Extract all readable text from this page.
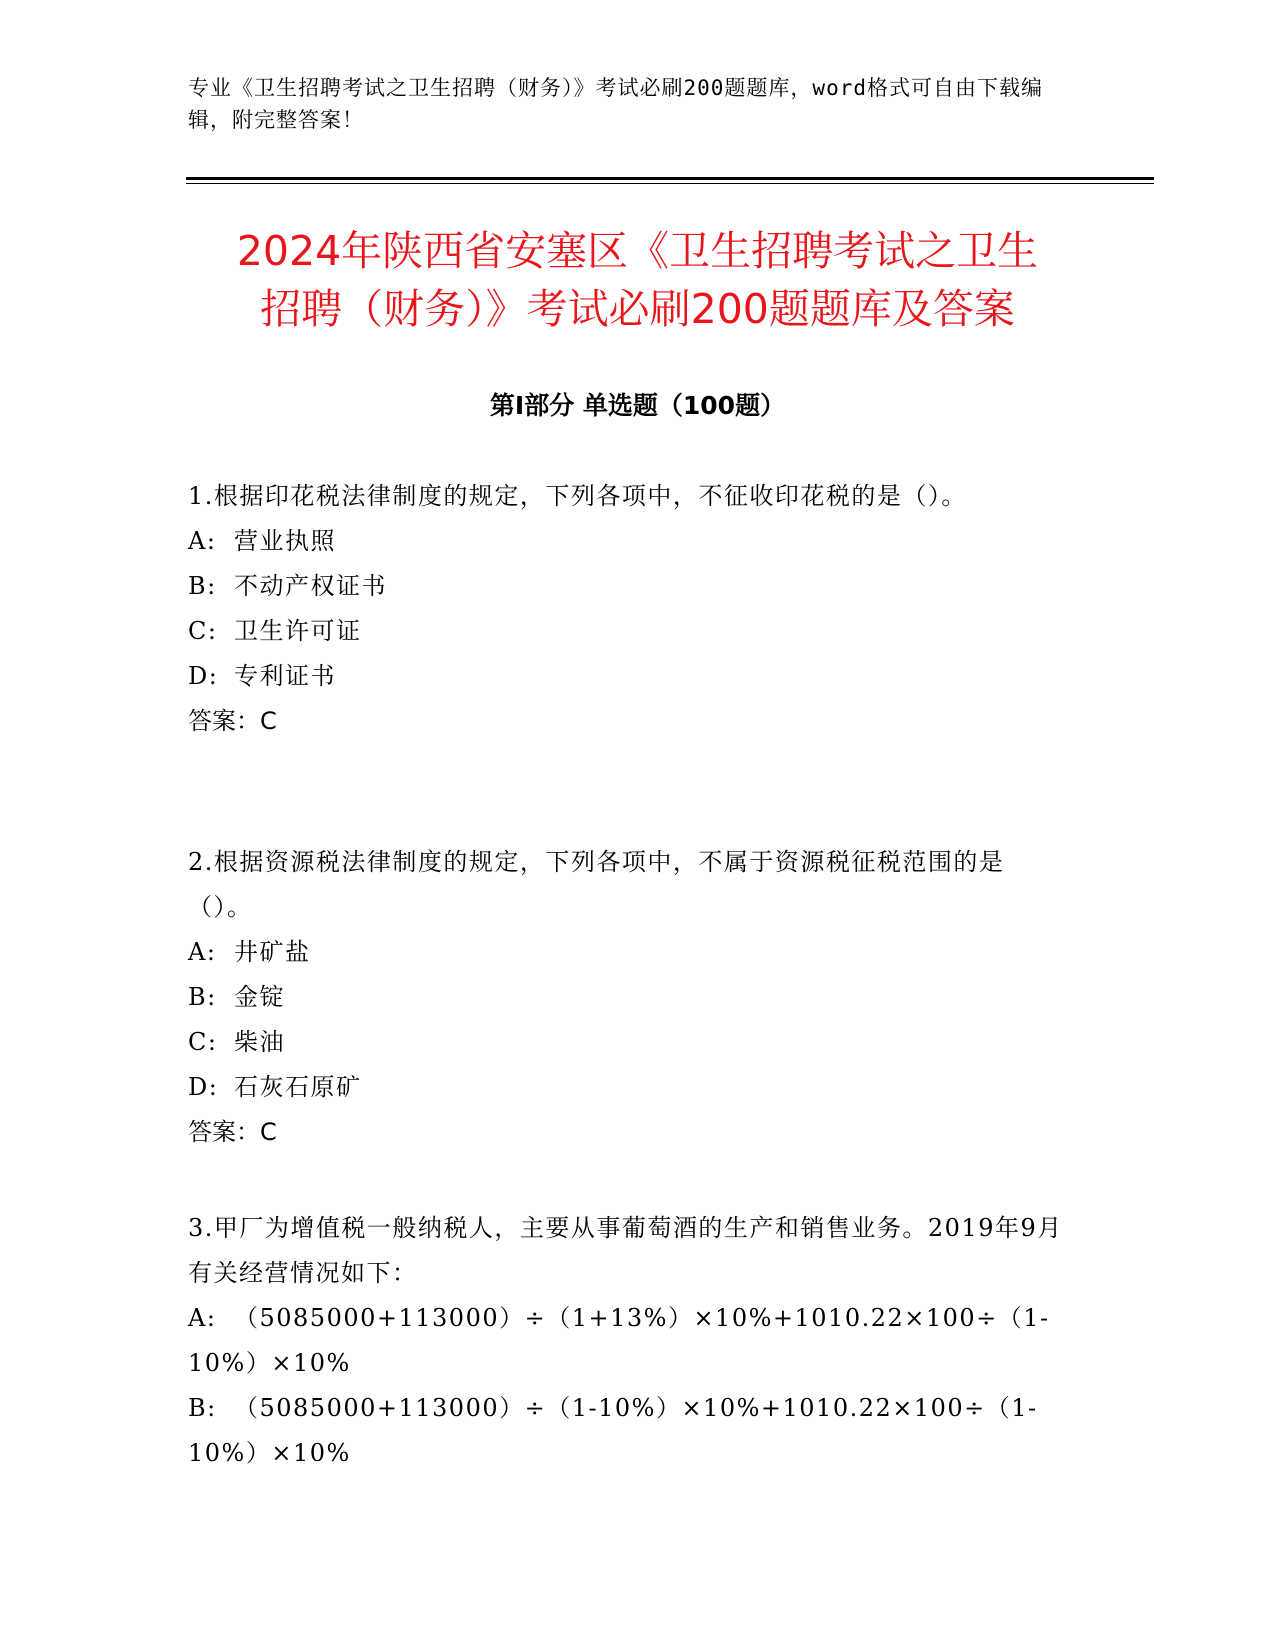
专业《卫生招聘考试之卫生招聘（财务）》考试必刷200题题库，word格式可自由下载编辑，附完整答案！
2024年陕西省安塞区《卫生招聘考试之卫生
招聘（财务）》考试必刷200题题库及答案
第I部分 单选题（100题）

1.根据印花税法律制度的规定，下列各项中，不征收印花税的是（）。

A: 营业执照

B: 不动产权证书

C: 卫生许可证

D: 专利证书

答案：C

2.根据资源税法律制度的规定，下列各项中，不属于资源税征税范围的是（）。

A: 井矿盐

B: 金锭

C: 柴油

D: 石灰石原矿

答案：C

3.甲厂为增值税一般纳税人，主要从事葡萄酒的生产和销售业务。2019年9月有关经营情况如下：

A: （5085000+113000）÷（1+13%）×10%+1010.22×100÷（1-10%）×10%

B: （5085000+113000）÷（1-10%）×10%+1010.22×100÷（1-10%）×10%
